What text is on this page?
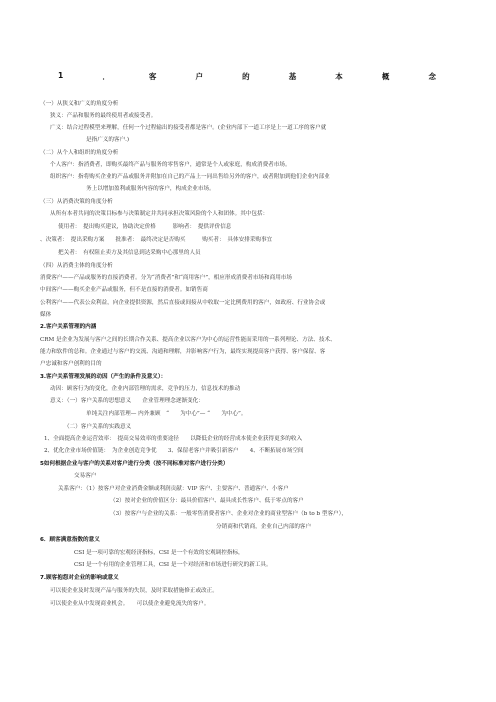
1	．	客	户	的	基	本	概	念
（一）从狭义和广义的角度分析
狭义：产品和服务的最终使用者或接受者。
广义：结合过程模型来理解，任何一个过程输出的接受者都是客户。(企业内部下一道工序是上一道工序的客户就
是指广义的客户.)
（二）从个人和组织的角度分析
个人客户：指消费者，即购买最终产品与服务的零售客户，通常是个人或家庭，构成消费者市场。
组织客户：指将购买企业的产品或服务并附加在自己的产品上一同出售给另外的客户，或者附加到他们企业内部业
务上以增加盈利或服务内容的客户，构成企业市场。
（三）从消费决策的角度分析
从所有本者共同的决策目标参与决策制定并共同承担决策风险的个人和团体。其中包括：
使用者：　提出购买建议，协助决定价格　　　影响者：　提供评价信息
、决策者：　提出采购方案　　批准者：　最终决定是否购买　　　购买者：　具体安排采购事宜
把关者：　有权阻止卖方及其信息到达采购中心那里的人员
（四）从消费主体的角度分析
消费客户——产品或服务的直接消费者。分为“消费者”和“商用客户”，相应形成消费者市场和商用市场
中间客户——购买企业产品或服务，但不是直接的消费者。如销售商
公利客户——代表公众利益，向企业提供资源，然后直接或间接从中收取一定比例费用的客户，如政府、行业协会或
媒体
2.客户关系管理的内涵
CRM 是企业为发展与客户之间的长期合作关系、提高企业以客户为中心的运营性能而采用的一系列理论、方法、技术、
能力和软件的总和。企业通过与客户的交流、沟通和理解，并影响客户行为，最终实现提高客户获得、客户保留、客
户忠诚和客户创利的目的
3.客户关系管理发展的动因（产生的条件及意义）：
动因：顾客行为的变化，企业内部管理的需求，竞争的压力，信息技术的推动
意义：（一）客户关系的思想意义　　企业管理理念逐渐变化：
单纯关注内部管理— 内外兼顾　“　　为中心”— “　　为中心”。
（二）客户关系的实践意义
1、全面提高企业运营效率：　提高交易效率的重要途径　　以降低企业的经营成本使企业获得更多的收入
2、优化企业市场价值链：　为企业创造竞争优　　3、保留老客户并吸引新客户　　4、不断拓展市场空间
5如何根据企业与客户的关系对客户进行分类（按不同标准对客户进行分类）
交易客户
关系客户：（1）按客户对企业消费金额或利润贡献：VIP 客户、主要客户、普通客户、小客户
（2）按对企业的价值区分：最具价值客户、最具成长性客户、低于零点的客户
（3）按客户与企业的关系：一般零售消费者客户、企业对企业的商业型客户（b to b 型客户），
分销商和代销商，企业自己内部的客户
6．顾客满意指数的意义
CSI 是一项可靠的宏观经济指标，CSI 是一个有效的宏观调控指标，
CSI 是一个有用的企业管理工具，CSI 是一个对经济和市场进行研究的新工具。
7.顾客抱怨对企业的影响或意义
可以使企业及时发现产品与服务的失误，及时采取措施修正或改正。
可以使企业从中发现商业机会。　　可以使企业避免流失的客户。
